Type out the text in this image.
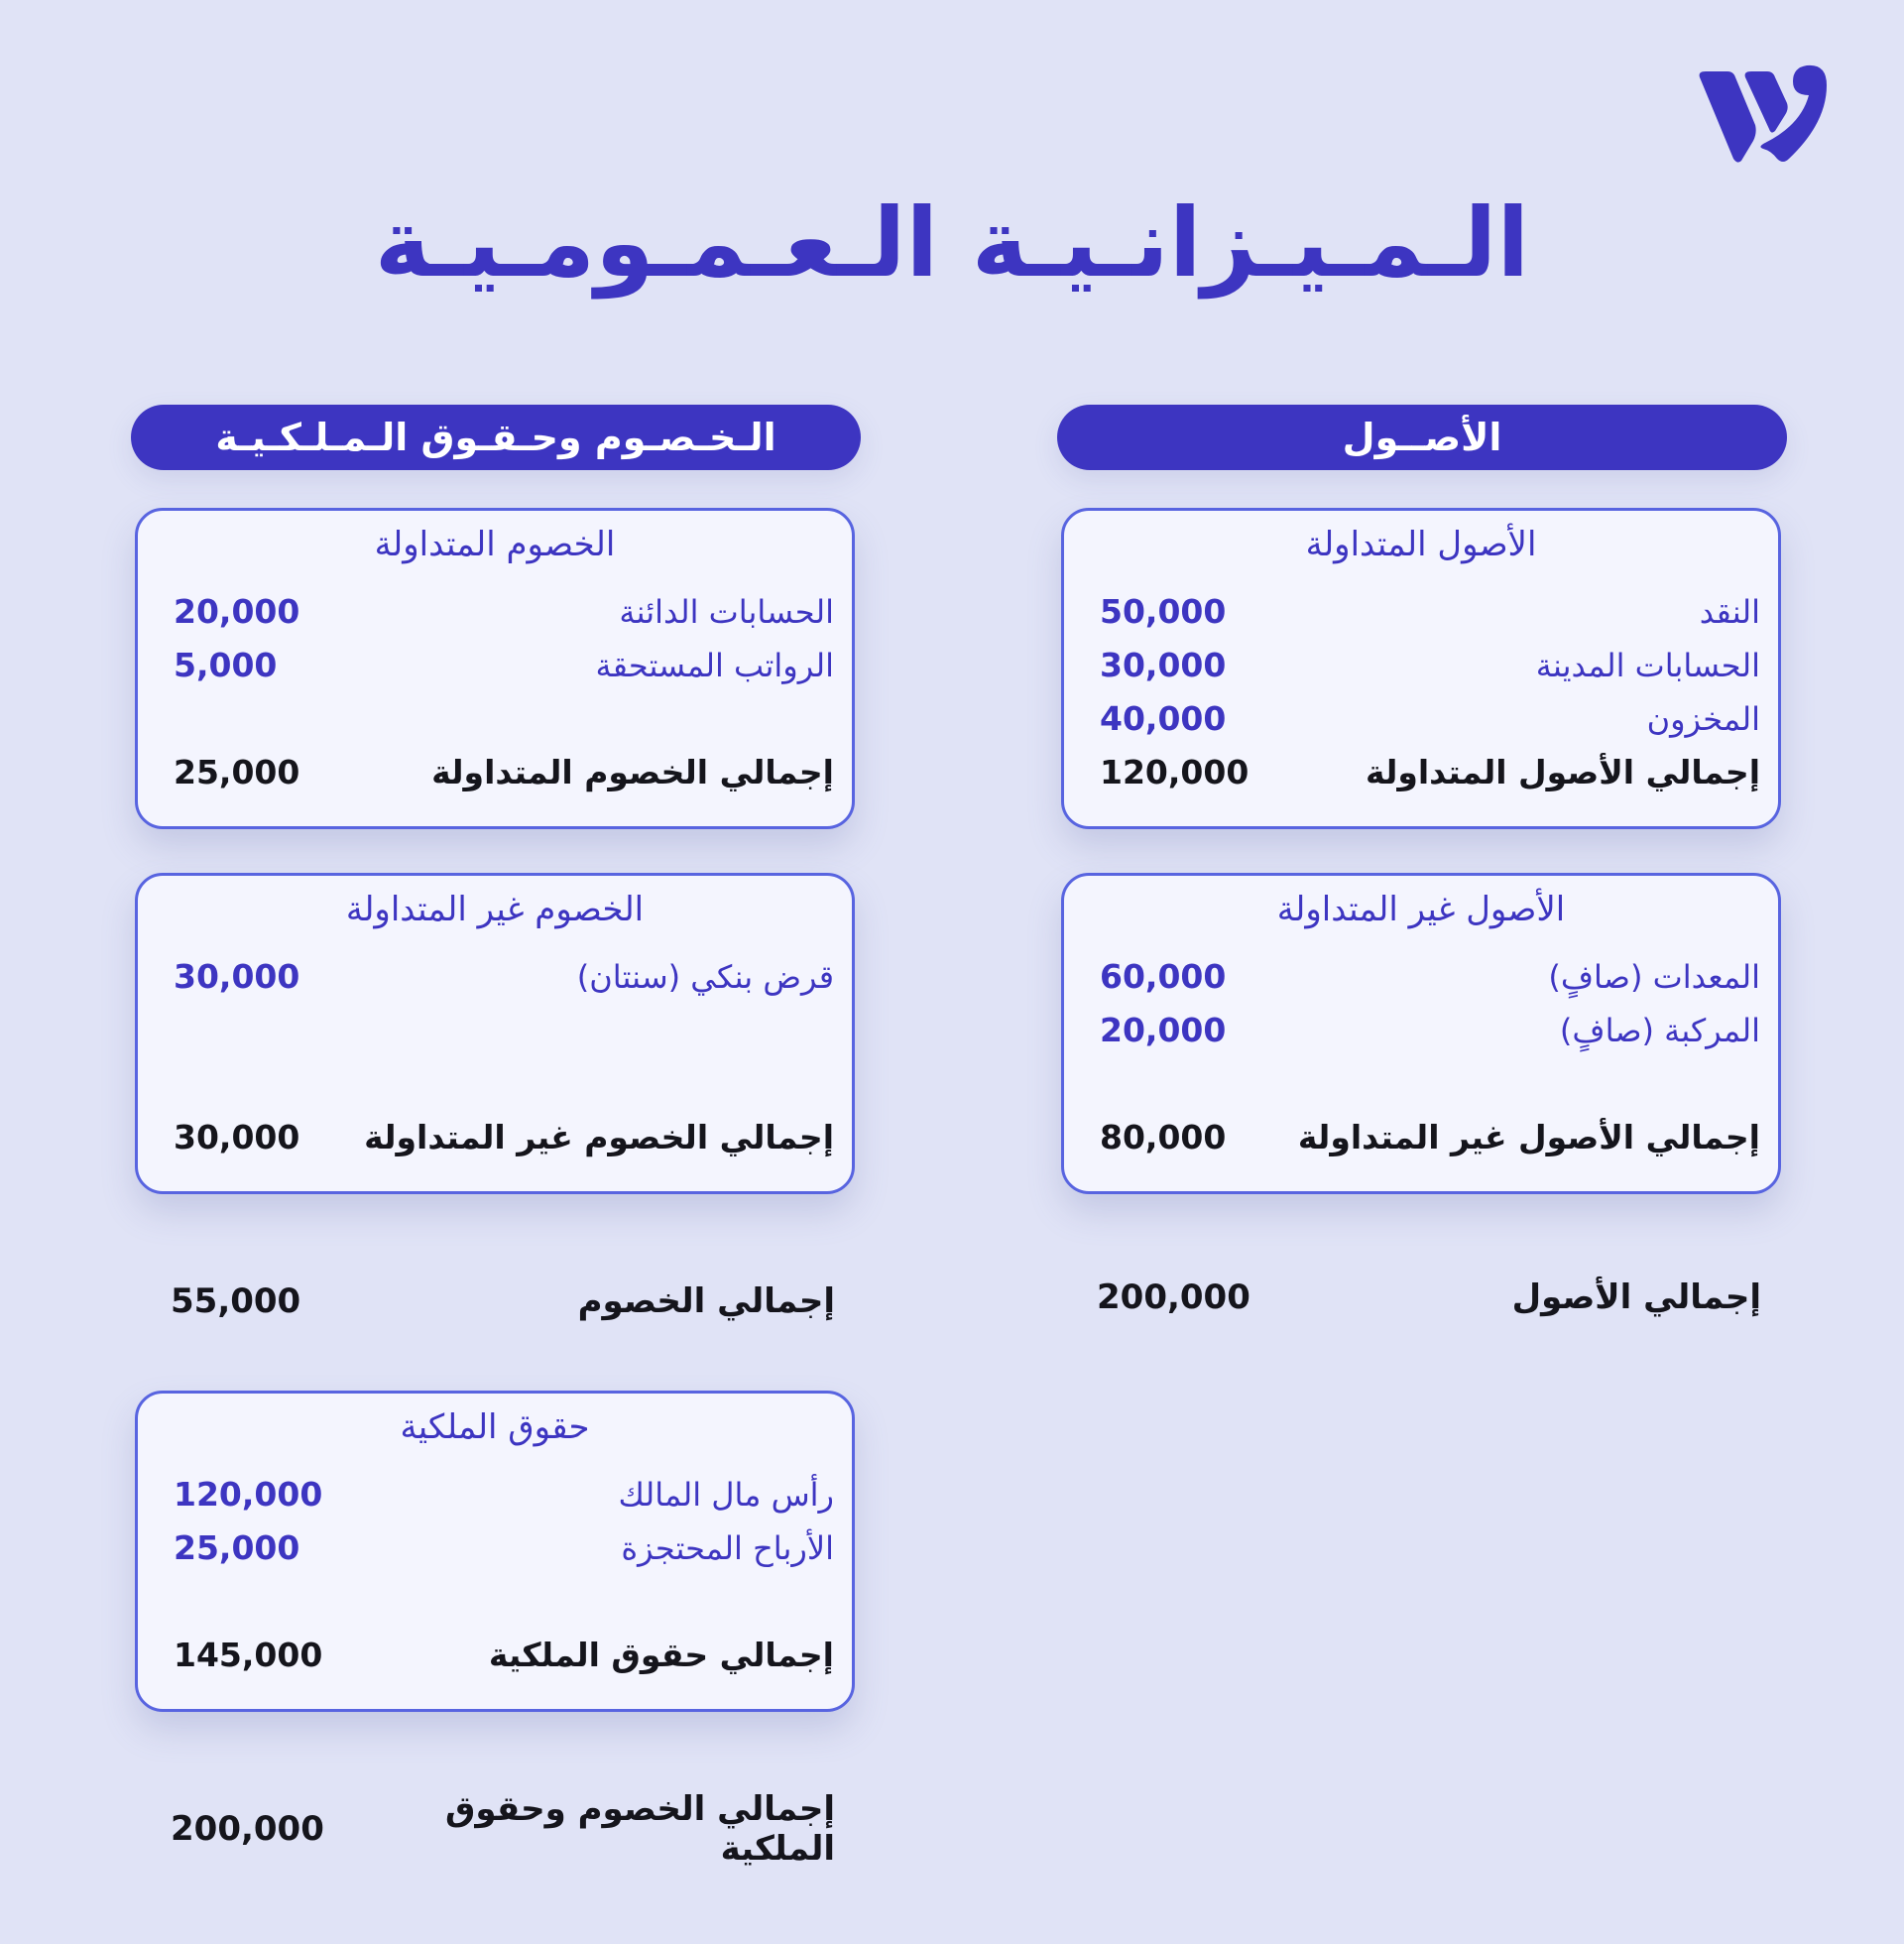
الـمـيـزانـيـة الـعـمـومـيـة
الأصــول
الأصول المتداولة
النقد
50,000
الحسابات المدينة
30,000
المخزون
40,000
إجمالي الأصول المتداولة
120,000
الأصول غير المتداولة
المعدات (صافٍ)
60,000
المركبة (صافٍ)
20,000
إجمالي الأصول غير المتداولة
80,000
إجمالي الأصول
200,000
الـخـصـوم وحـقـوق الـمـلـكـيـة
الخصوم المتداولة
الحسابات الدائنة
20,000
الرواتب المستحقة
5,000
إجمالي الخصوم المتداولة
25,000
الخصوم غير المتداولة
قرض بنكي (سنتان)
30,000
إجمالي الخصوم غير المتداولة
30,000
إجمالي الخصوم
55,000
حقوق الملكية
رأس مال المالك
120,000
الأرباح المحتجزة
25,000
إجمالي حقوق الملكية
145,000
إجمالي الخصوم وحقوق الملكية
200,000
